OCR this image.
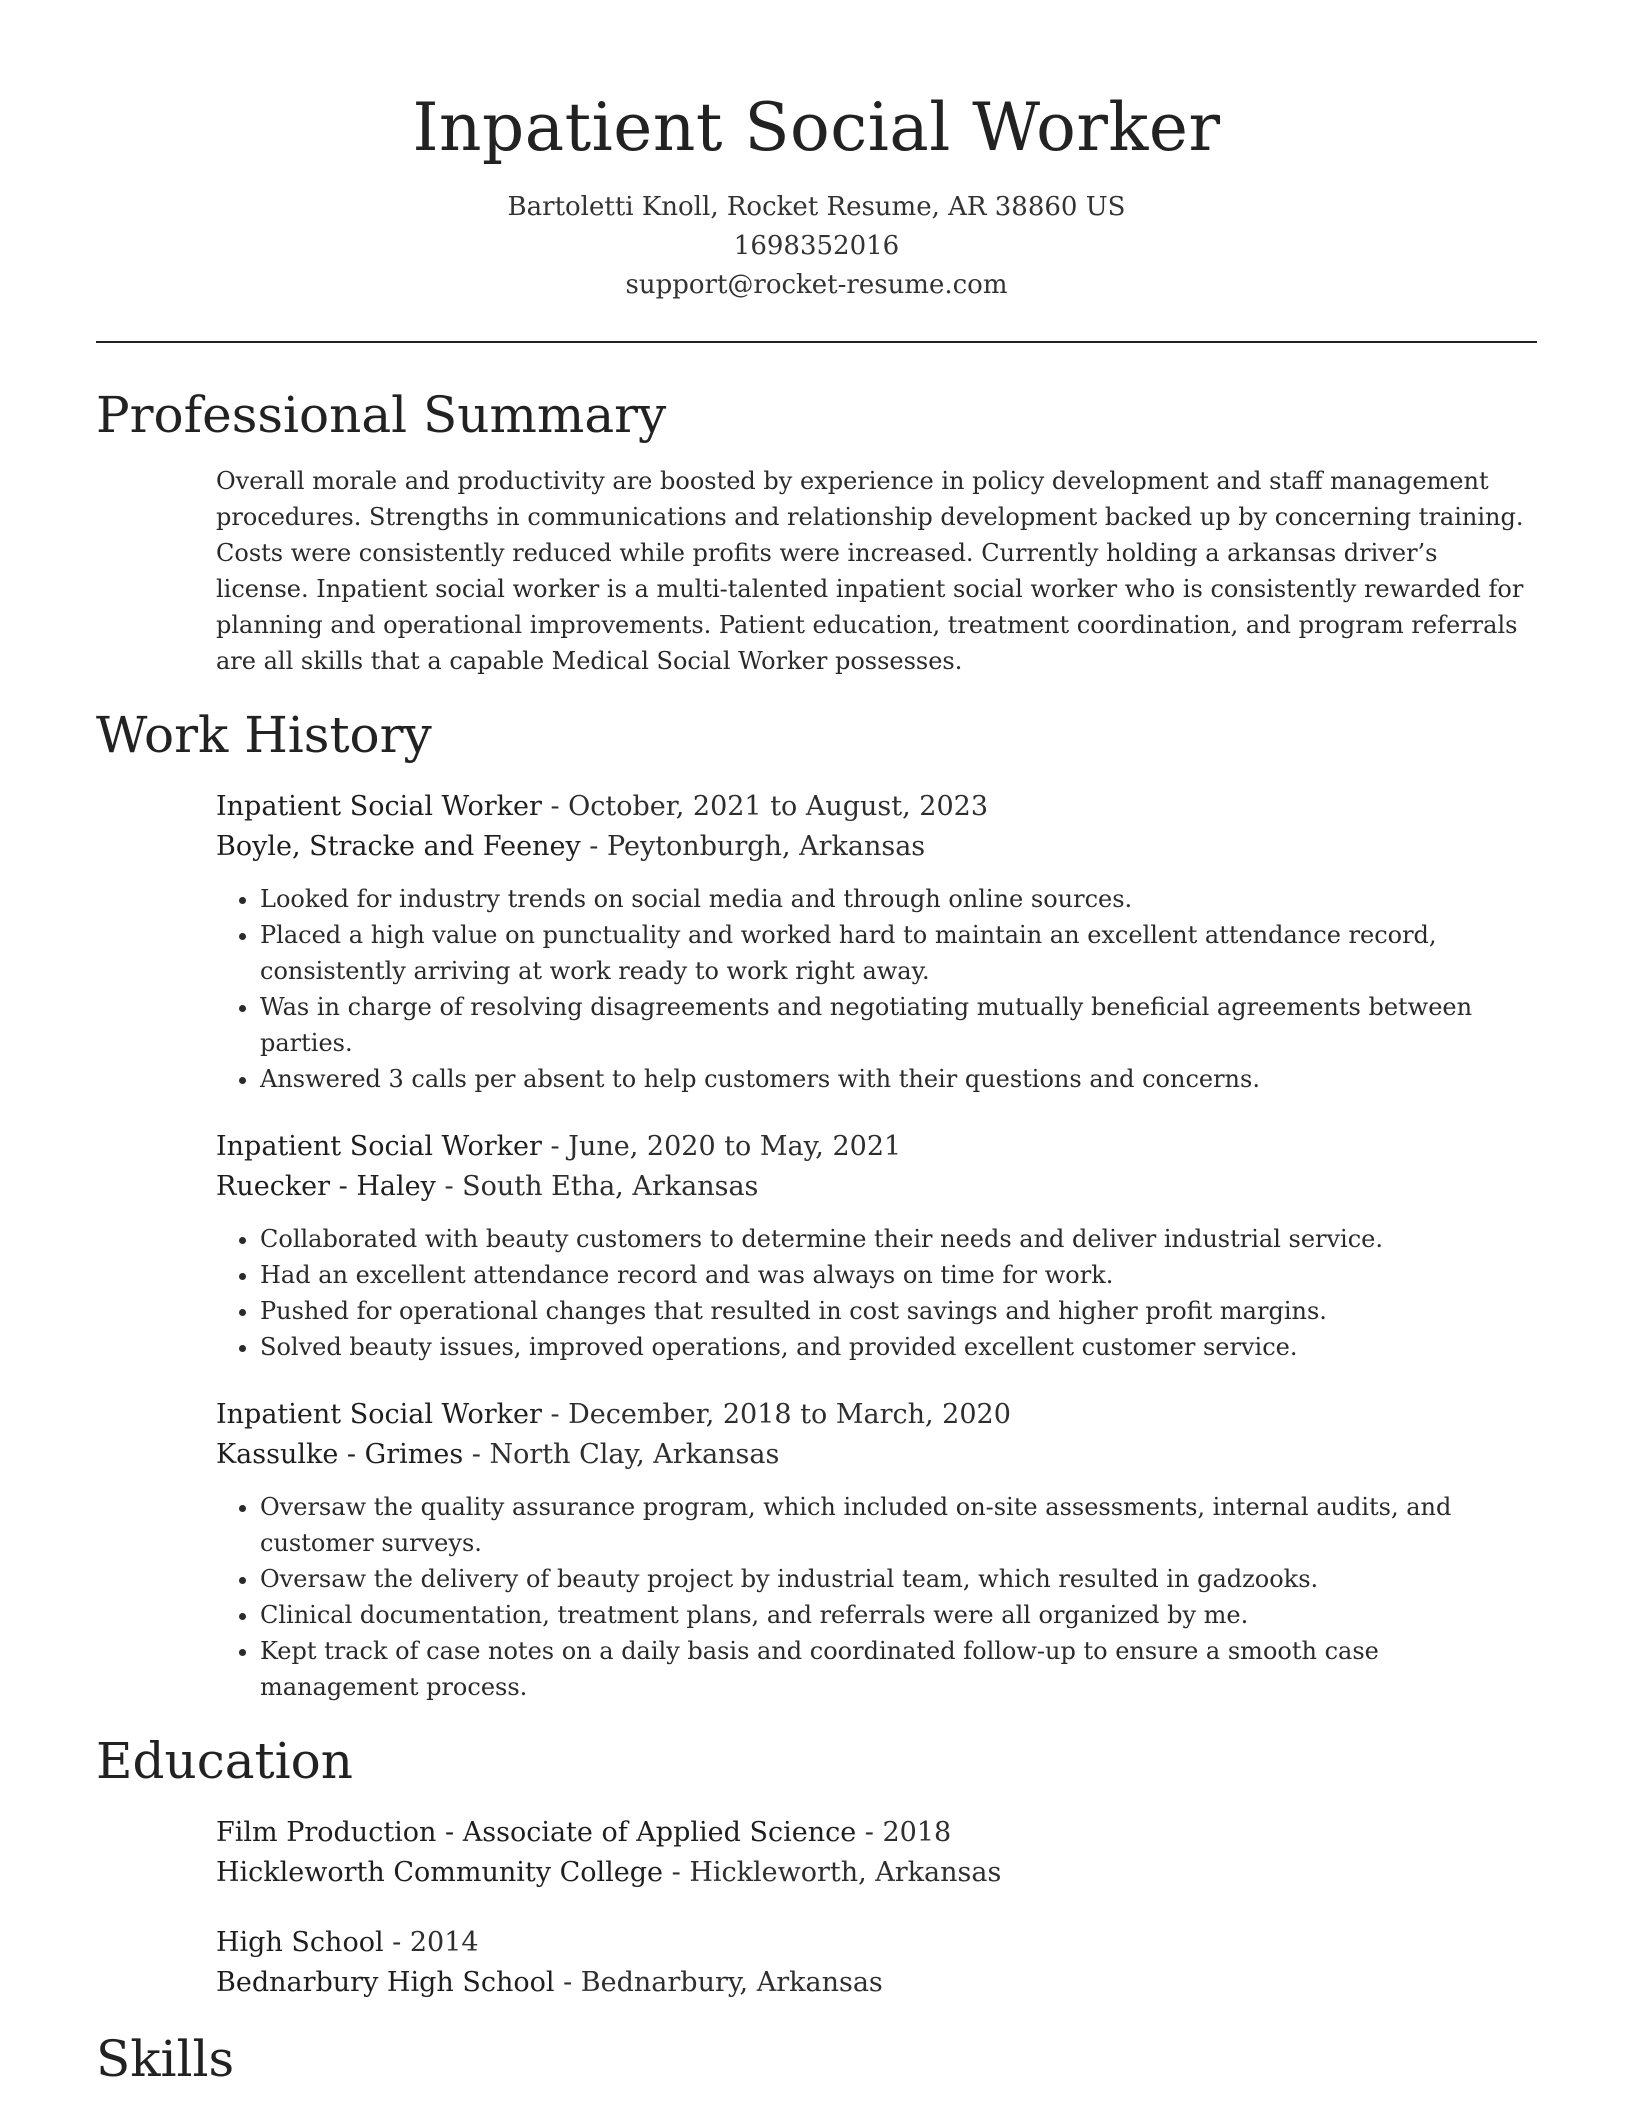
Inpatient Social Worker
Bartoletti Knoll, Rocket Resume, AR 38860 US
1698352016
support@rocket-resume.com
Professional Summary

Overall morale and productivity are boosted by experience in policy development and staff management procedures. Strengths in communications and relationship development backed up by concerning training. Costs were consistently reduced while profits were increased. Currently holding a arkansas driver’s license. Inpatient social worker is a multi-talented inpatient social worker who is consistently rewarded for planning and operational improvements. Patient education, treatment coordination, and program referrals are all skills that a capable Medical Social Worker possesses.

Work History
Inpatient Social Worker - October, 2021 to August, 2023
Boyle, Stracke and Feeney - Peytonburgh, Arkansas
• Looked for industry trends on social media and through online sources.
• Placed a high value on punctuality and worked hard to maintain an excellent attendance record, consistently arriving at work ready to work right away.
• Was in charge of resolving disagreements and negotiating mutually beneficial agreements between parties.
• Answered 3 calls per absent to help customers with their questions and concerns.
Inpatient Social Worker - June, 2020 to May, 2021
Ruecker - Haley - South Etha, Arkansas
• Collaborated with beauty customers to determine their needs and deliver industrial service.
• Had an excellent attendance record and was always on time for work.
• Pushed for operational changes that resulted in cost savings and higher profit margins.
• Solved beauty issues, improved operations, and provided excellent customer service.
Inpatient Social Worker - December, 2018 to March, 2020
Kassulke - Grimes - North Clay, Arkansas
• Oversaw the quality assurance program, which included on-site assessments, internal audits, and customer surveys.
• Oversaw the delivery of beauty project by industrial team, which resulted in gadzooks.
• Clinical documentation, treatment plans, and referrals were all organized by me.
• Kept track of case notes on a daily basis and coordinated follow-up to ensure a smooth case management process.
Education
Film Production - Associate of Applied Science - 2018
Hickleworth Community College - Hickleworth, Arkansas
High School - 2014
Bednarbury High School - Bednarbury, Arkansas
Skills
